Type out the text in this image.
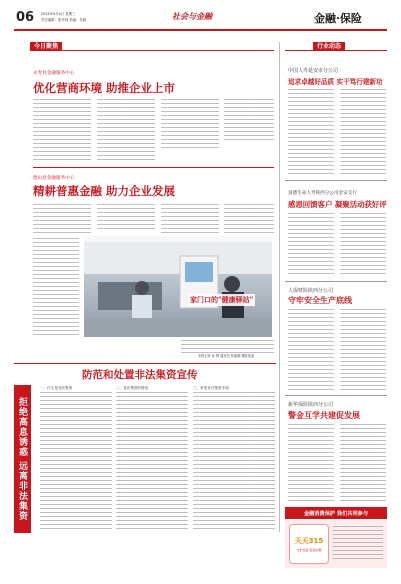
06 2024年9月4日 星期三
责任编辑：张丹林 美编：吴婉	社会与金融	金融·保险
今日聚焦
永寿县金融服务中心
优化营商环境 助推企业上市
德山县金融服务中心
精耕普惠金融 助力企业发展
家门口的"健康驿站"
本报记者 孙 辉 通讯员 张丽娜 摄影报道
防范和处置非法集资宣传
拒绝高息诱惑 远离非法集资
一、什么是非法集资	二、非法集资的特征	三、常见非法集资手段
行业动态
中国人寿延安市分公司
追求卓越好品质 实干笃行建新功
富德生命人寿陕西分公司金安支行
感恩回馈客户 凝聚活动获好评
人保财险陕西分公司
守牢安全生产底线
新华保险陕西分公司
警金互学共建促发展
金融消费保护 我们共同参与
天天315
守护权益 促进消费
